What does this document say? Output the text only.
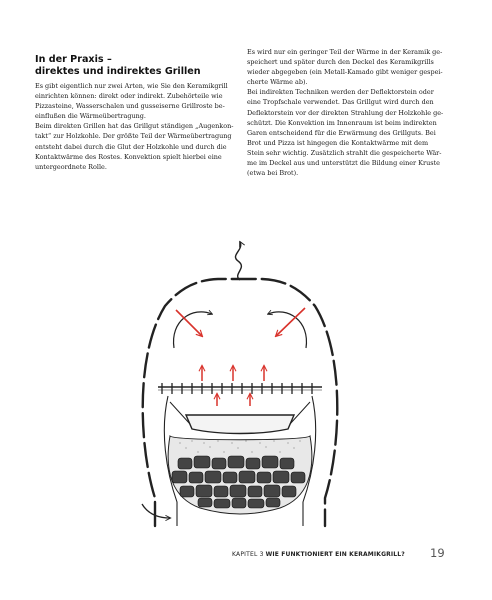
In der Praxis –
direktes und indirektes Grillen

Es gibt eigentlich nur zwei Arten, wie Sie den Keramikgrill

einrichten können: direkt oder indirekt. Zubehörteile wie

Pizzasteine, Wasserschalen und gusseiserne Grillroste be-

einflußen die Wärmeübertragung.

Beim direkten Grillen hat das Grillgut ständigen „Augenkon-

takt“ zur Holzkohle. Der größte Teil der Wärmeübertragung

entsteht dabei durch die Glut der Holzkohle und durch die

Kontaktwärme des Rostes. Konvektion spielt hierbei eine

untergeordnete Rolle.

Es wird nur ein geringer Teil der Wärme in der Keramik ge-

speichert und später durch den Deckel des Keramikgrills

wieder abgegeben (ein Metall-Kamado gibt weniger gespei-

cherte Wärme ab).

Bei indirekten Techniken werden der Deflektorstein oder

eine Tropfschale verwendet. Das Grillgut wird durch den

Deflektorstein vor der direkten Strahlung der Holzkohle ge-

schützt. Die Konvektion im Innenraum ist beim indirekten

Garen entscheidend für die Erwärmung des Grillguts. Bei

Brot und Pizza ist hingegen die Kontaktwärme mit dem

Stein sehr wichtig. Zusätzlich strahlt die gespeicherte Wär-

me im Deckel aus und unterstützt die Bildung einer Kruste

(etwa bei Brot).

KAPITEL 3 WIE FUNKTIONIERT EIN KERAMIKGRILL?	19
